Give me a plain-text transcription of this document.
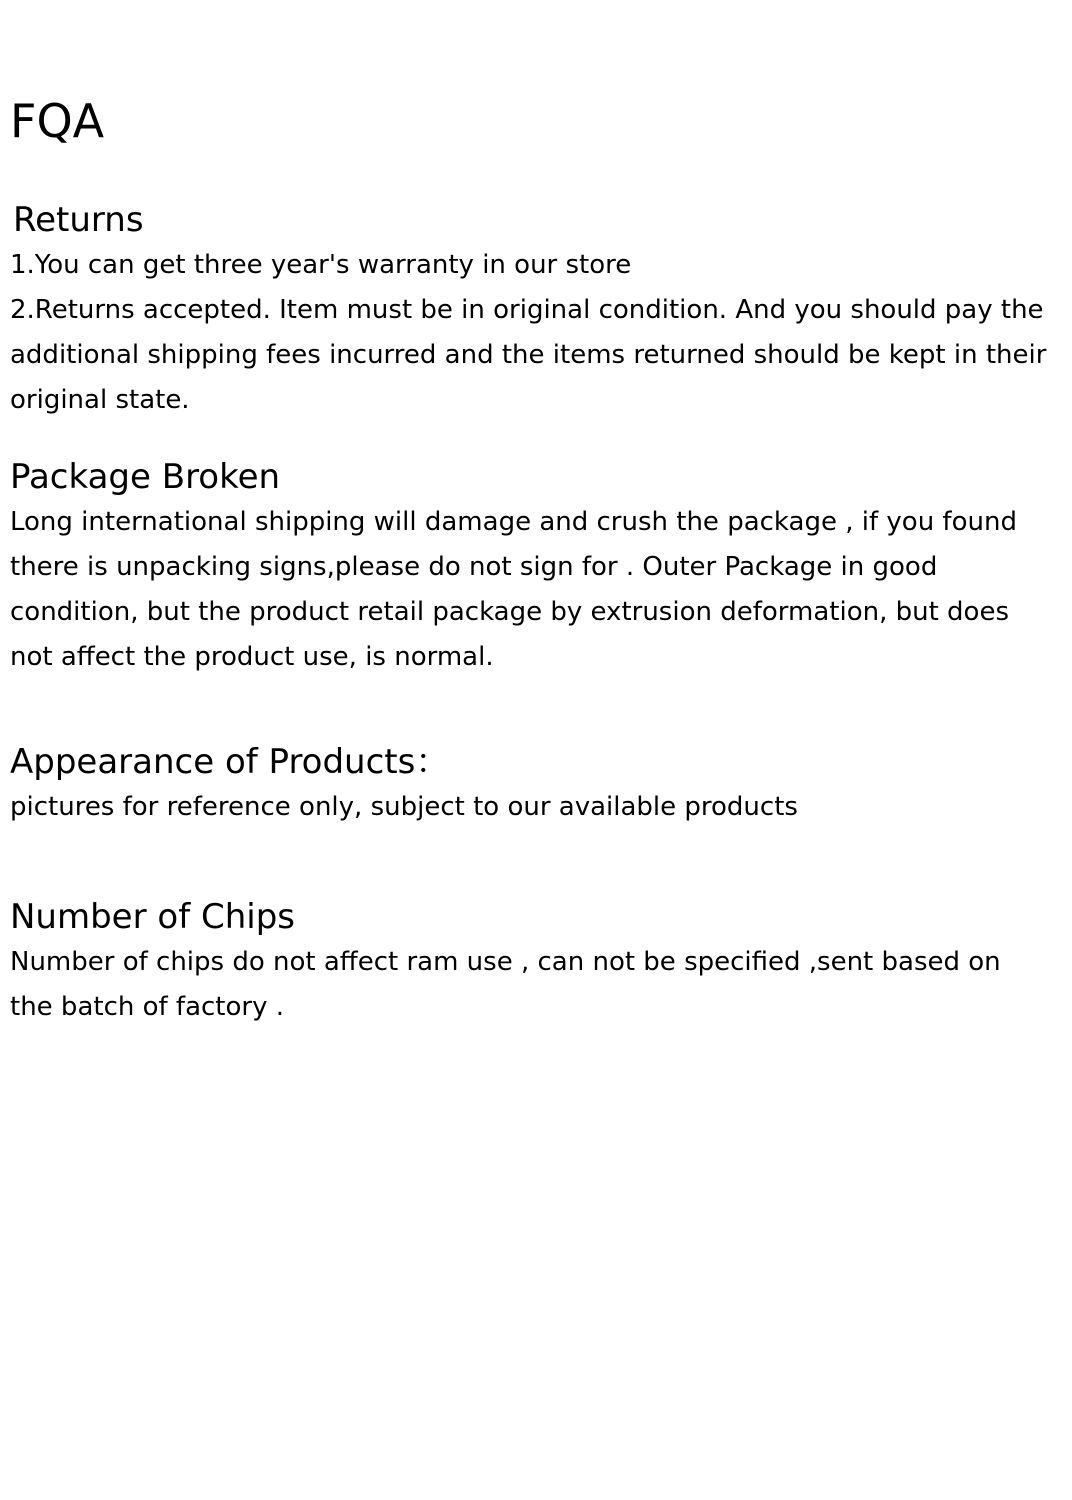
FQA
Returns

1.You can get three year's warranty in our store

2.Returns accepted. Item must be in original condition. And you should pay the additional shipping fees incurred and the items returned should be kept in their original state.

Package Broken

Long international shipping will damage and crush the package , if you found there is unpacking signs,please do not sign for . Outer Package in good condition, but the product retail package by extrusion deformation, but does not affect the product use, is normal.

Appearance of Products：

pictures for reference only, subject to our available products

Number of Chips

Number of chips do not affect ram use , can not be specified ,sent based on the batch of factory .
